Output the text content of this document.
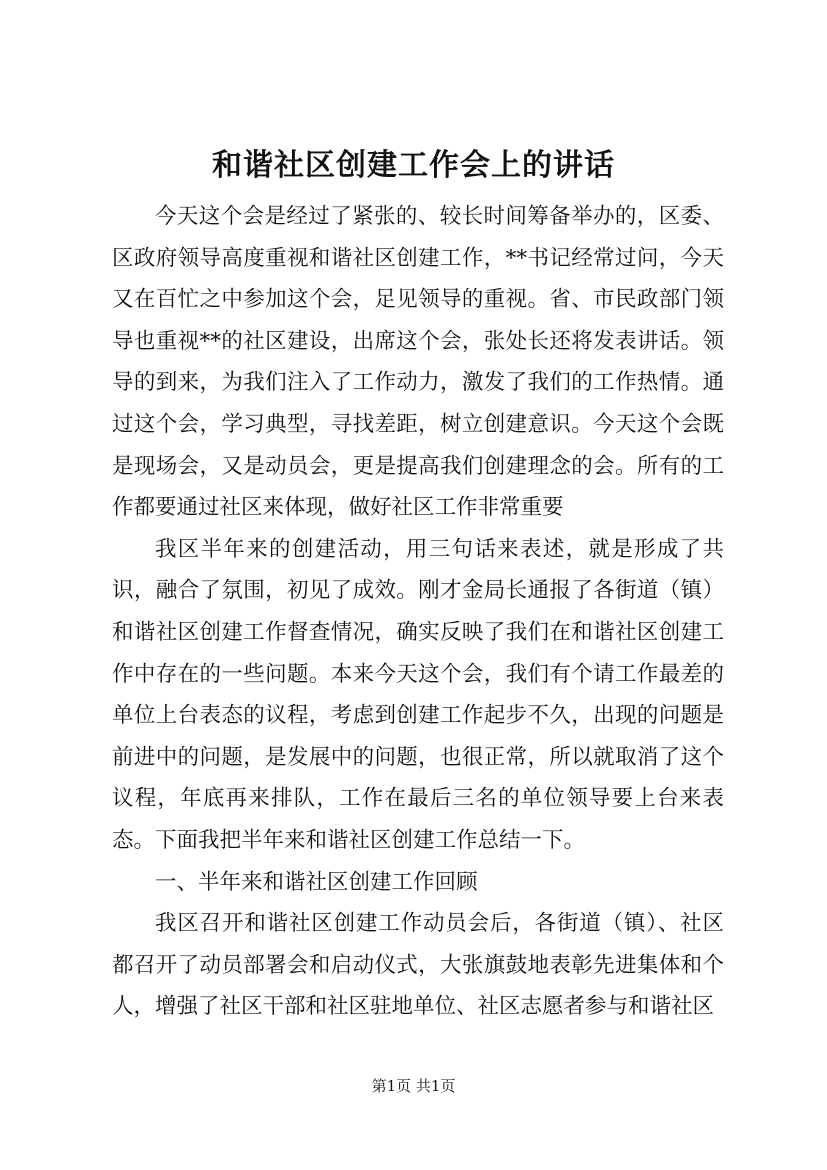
和谐社区创建工作会上的讲话

今天这个会是经过了紧张的、较长时间筹备举办的，区委、区政府领导高度重视和谐社区创建工作，**书记经常过问，今天又在百忙之中参加这个会，足见领导的重视。省、市民政部门领导也重视**的社区建设，出席这个会，张处长还将发表讲话。领导的到来，为我们注入了工作动力，激发了我们的工作热情。通过这个会，学习典型，寻找差距，树立创建意识。今天这个会既是现场会，又是动员会，更是提高我们创建理念的会。所有的工作都要通过社区来体现，做好社区工作非常重要

我区半年来的创建活动，用三句话来表述，就是形成了共识，融合了氛围，初见了成效。刚才金局长通报了各街道（镇）和谐社区创建工作督查情况，确实反映了我们在和谐社区创建工作中存在的一些问题。本来今天这个会，我们有个请工作最差的单位上台表态的议程，考虑到创建工作起步不久，出现的问题是前进中的问题，是发展中的问题，也很正常，所以就取消了这个议程，年底再来排队，工作在最后三名的单位领导要上台来表态。下面我把半年来和谐社区创建工作总结一下。

一、半年来和谐社区创建工作回顾

我区召开和谐社区创建工作动员会后，各街道（镇）、社区都召开了动员部署会和启动仪式，大张旗鼓地表彰先进集体和个人，增强了社区干部和社区驻地单位、社区志愿者参与和谐社区

第1页 共1页
